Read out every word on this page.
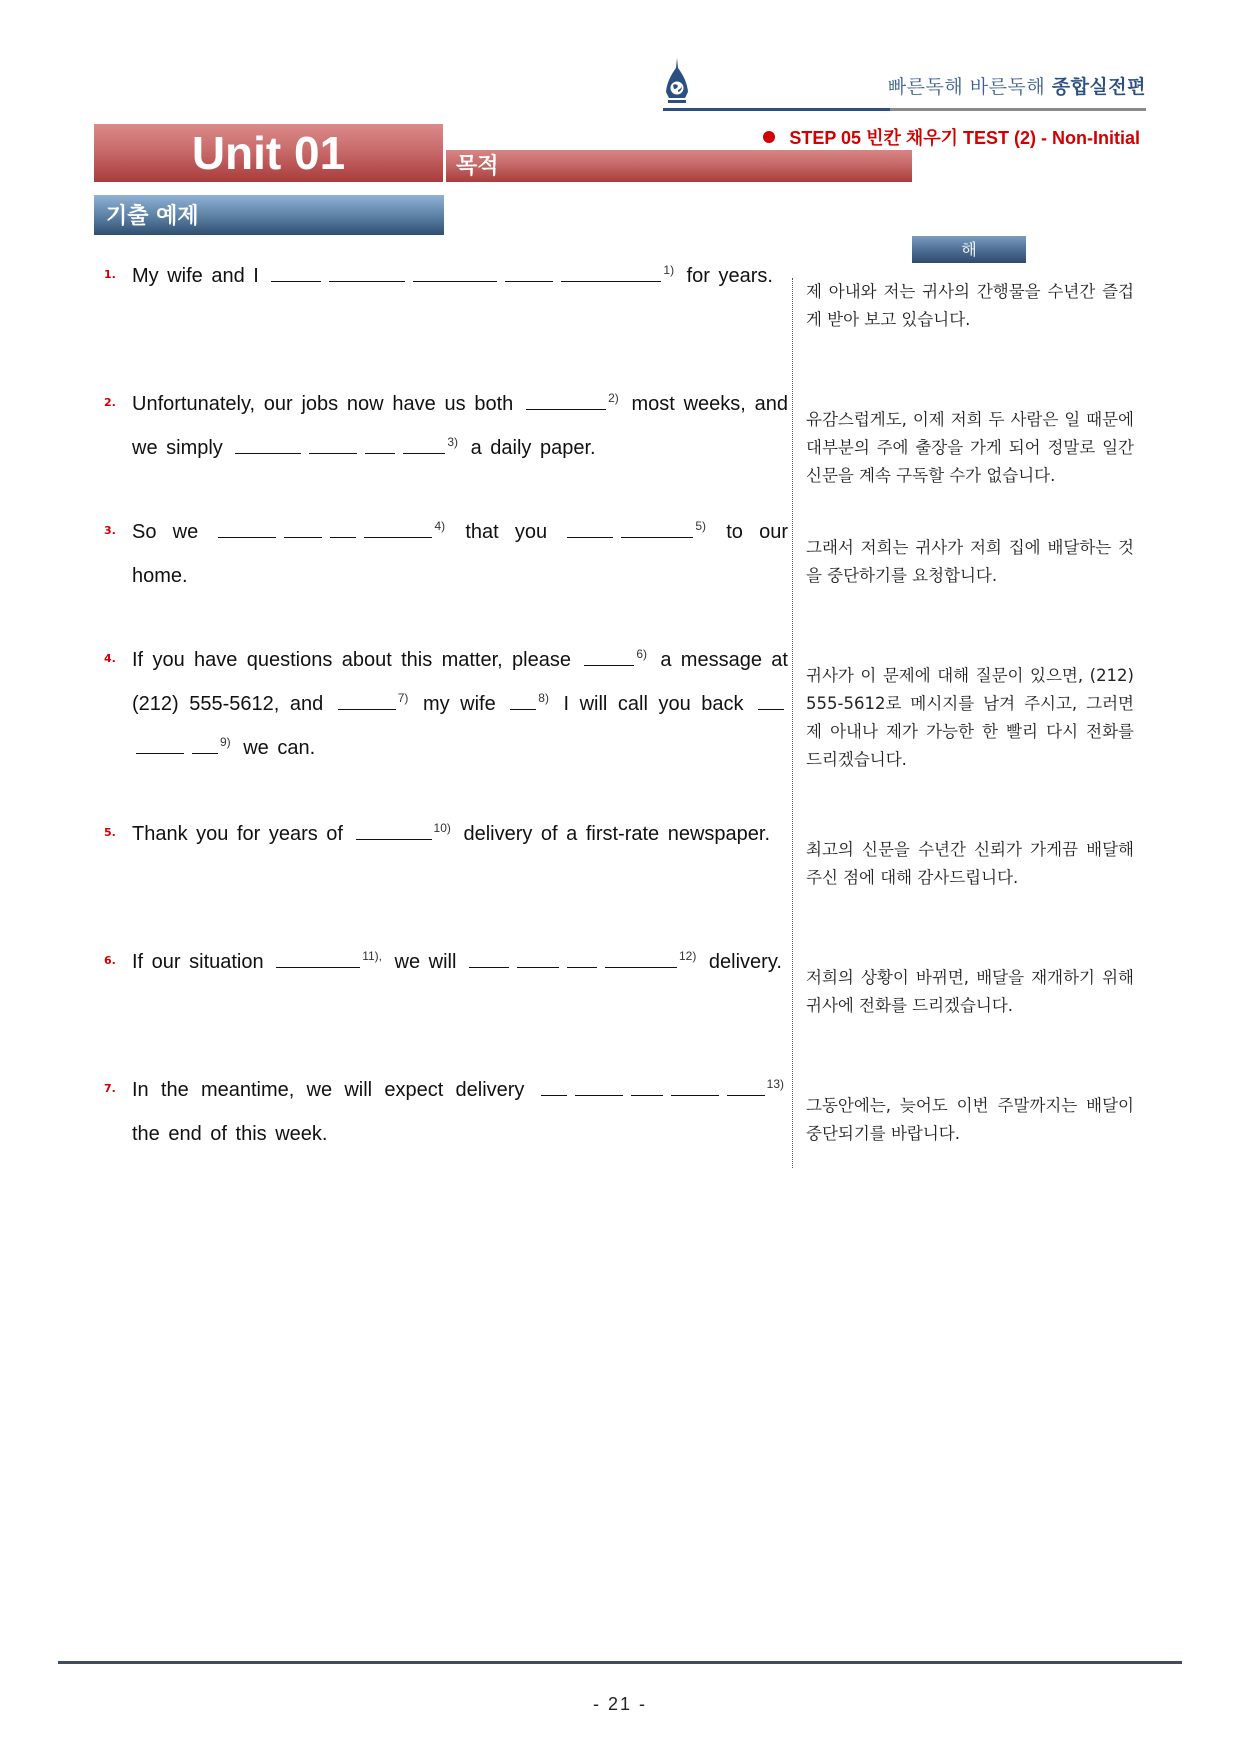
빠른독해 바른독해 종합실전편
STEP 05 빈칸 채우기 TEST (2) - Non-Initial
Unit 01	목적
기출 예제
해석
1. My wife and I	$^{1)}$ for years.
제 아내와 저는 귀사의 간행물을 수년간 즐겁게 받아 보고 있습니다.
2. Unfortunately, our jobs now have us both	$^{2)}$ most weeks, and we simply	$^{3)}$ a daily paper.
유감스럽게도, 이제 저희 두 사람은 일 때문에 대부분의 주에 출장을 가게 되어 정말로 일간 신문을 계속 구독할 수가 없습니다.
3. So we	$^{4)}$ that you	$^{5)}$ to our home.
그래서 저희는 귀사가 저희 집에 배달하는 것을 중단하기를 요청합니다.
4. If you have questions about this matter, please	$^{6)}$ a message at (212) 555-5612, and	$^{7)}$ my wife	$^{8)}$ I will call you back $^{9)}$ we can.
귀사가 이 문제에 대해 질문이 있으면, (212) 555-5612로 메시지를 남겨 주시고, 그러면 제 아내나 제가 가능한 한 빨리 다시 전화를 드리겠습니다.
5. Thank you for years of	$^{10)}$ delivery of a first-rate newspaper.
최고의 신문을 수년간 신뢰가 가게끔 배달해 주신 점에 대해 감사드립니다.
6. If our situation	$^{11),}$ we will	$^{12)}$ delivery.
저희의 상황이 바뀌면, 배달을 재개하기 위해 귀사에 전화를 드리겠습니다.
7. In the meantime, we will expect delivery	$^{13)}$ the end of this week.
그동안에는, 늦어도 이번 주말까지는 배달이 중단되기를 바랍니다.
- 21 -
